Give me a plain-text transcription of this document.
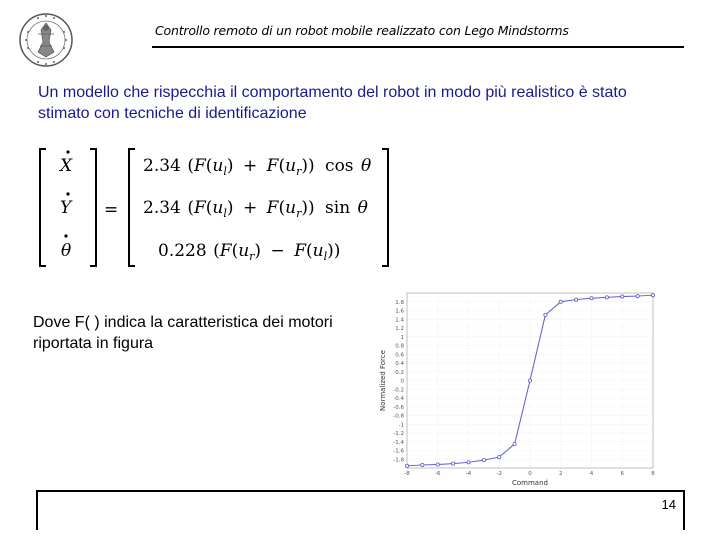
Controllo remoto di un robot mobile realizzato con Lego Mindstorms
Un modello che rispecchia il comportamento del robot in modo più realistico è stato stimato con tecniche di identificazione
X
Y
θ
=
2.34 $(F(u_l) + F(u_r))$ cos θ
2.34 $(F(u_l) + F(u_r))$ sin θ
0.228 $(F(u_r) - F(u_l))$
Dove F( ) indica la caratteristica dei motori riportata in figura
1.8
1.6
1.4
1.2
1
0.8
0.6
0.4
0.2
0
-0.2
-0.4
-0.6
-0.8
-1
-1.2
-1.4
-1.6
-1.8
-8	-6	-4	-2	0	2	4	6	8
Command
Normalized Force
14
